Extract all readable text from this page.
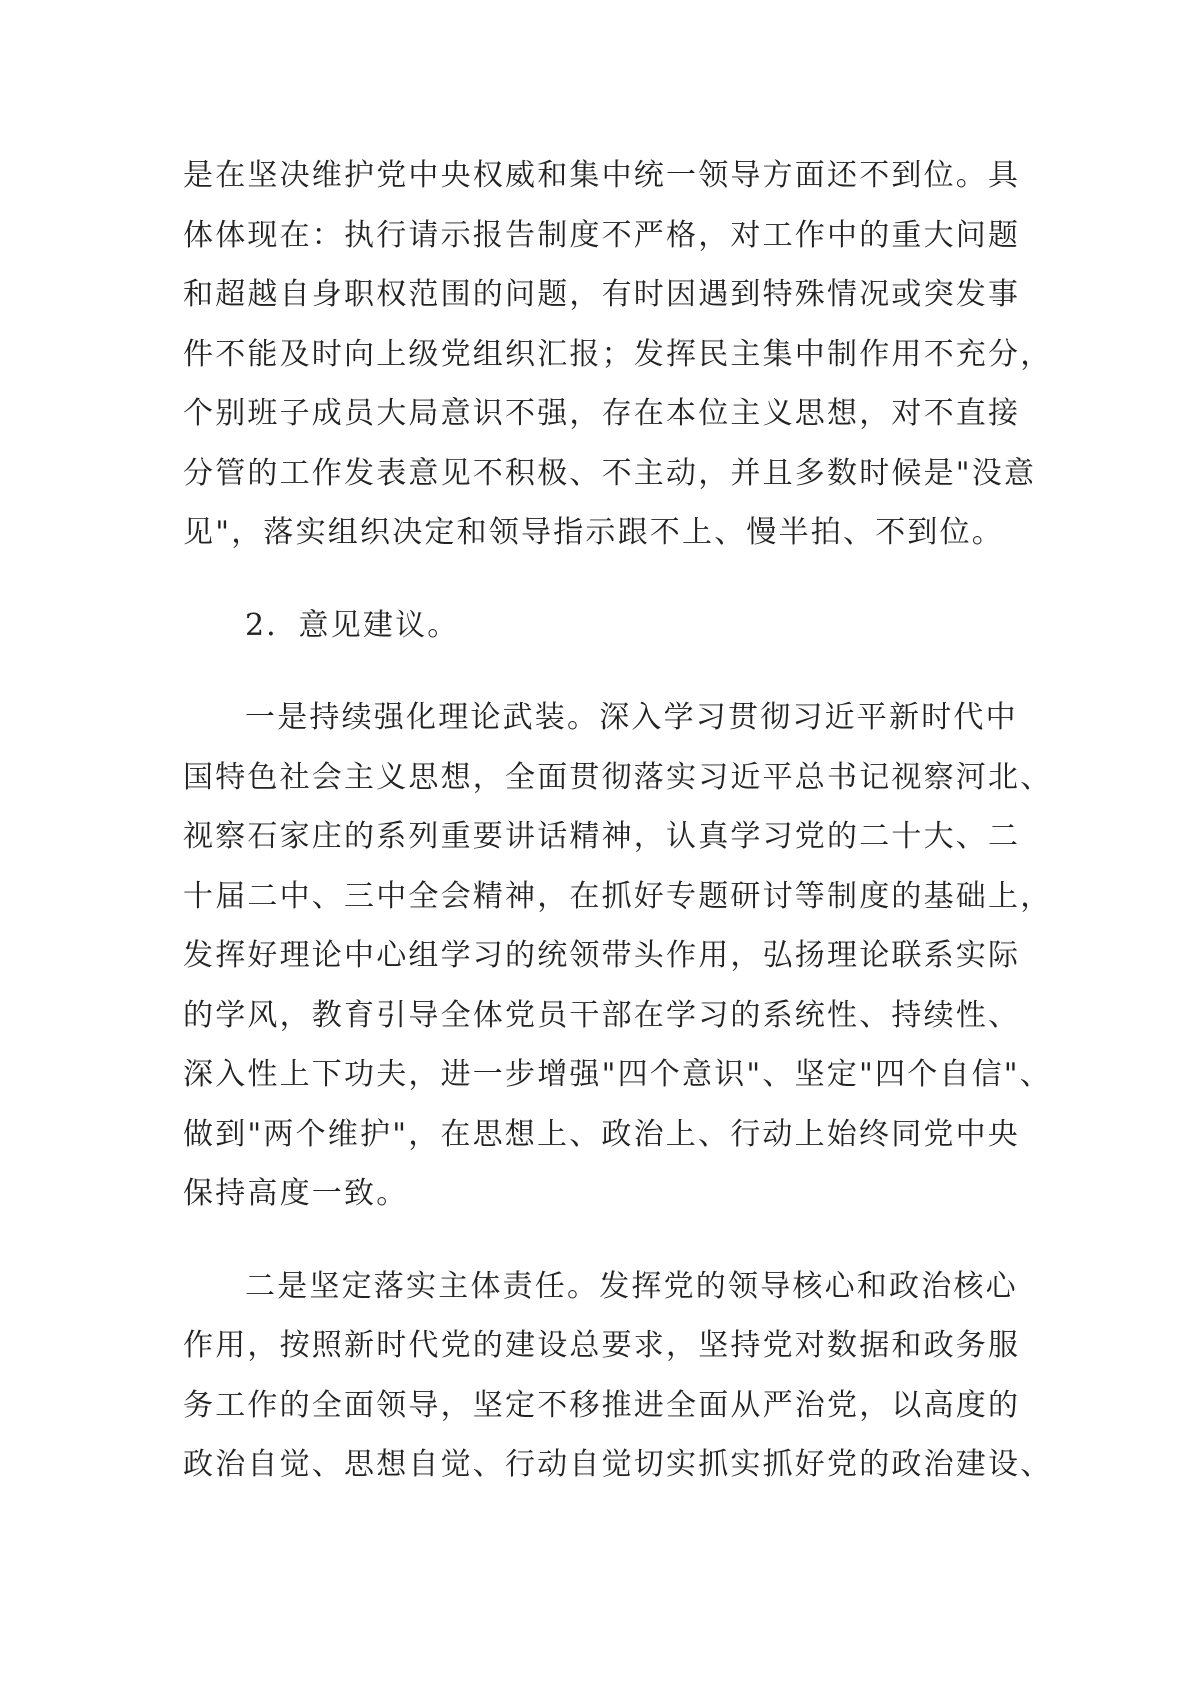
是在坚决维护党中央权威和集中统一领导方面还不到位。具
体体现在：执行请示报告制度不严格，对工作中的重大问题
和超越自身职权范围的问题，有时因遇到特殊情况或突发事
件不能及时向上级党组织汇报；发挥民主集中制作用不充分，
个别班子成员大局意识不强，存在本位主义思想，对不直接
分管的工作发表意见不积极、不主动，并且多数时候是"没意
见"，落实组织决定和领导指示跟不上、慢半拍、不到位。
2．意见建议。
一是持续强化理论武装。深入学习贯彻习近平新时代中
国特色社会主义思想，全面贯彻落实习近平总书记视察河北、
视察石家庄的系列重要讲话精神，认真学习党的二十大、二
十届二中、三中全会精神，在抓好专题研讨等制度的基础上，
发挥好理论中心组学习的统领带头作用，弘扬理论联系实际
的学风，教育引导全体党员干部在学习的系统性、持续性、
深入性上下功夫，进一步增强"四个意识"、坚定"四个自信"、
做到"两个维护"，在思想上、政治上、行动上始终同党中央
保持高度一致。
二是坚定落实主体责任。发挥党的领导核心和政治核心
作用，按照新时代党的建设总要求，坚持党对数据和政务服
务工作的全面领导，坚定不移推进全面从严治党，以高度的
政治自觉、思想自觉、行动自觉切实抓实抓好党的政治建设、
